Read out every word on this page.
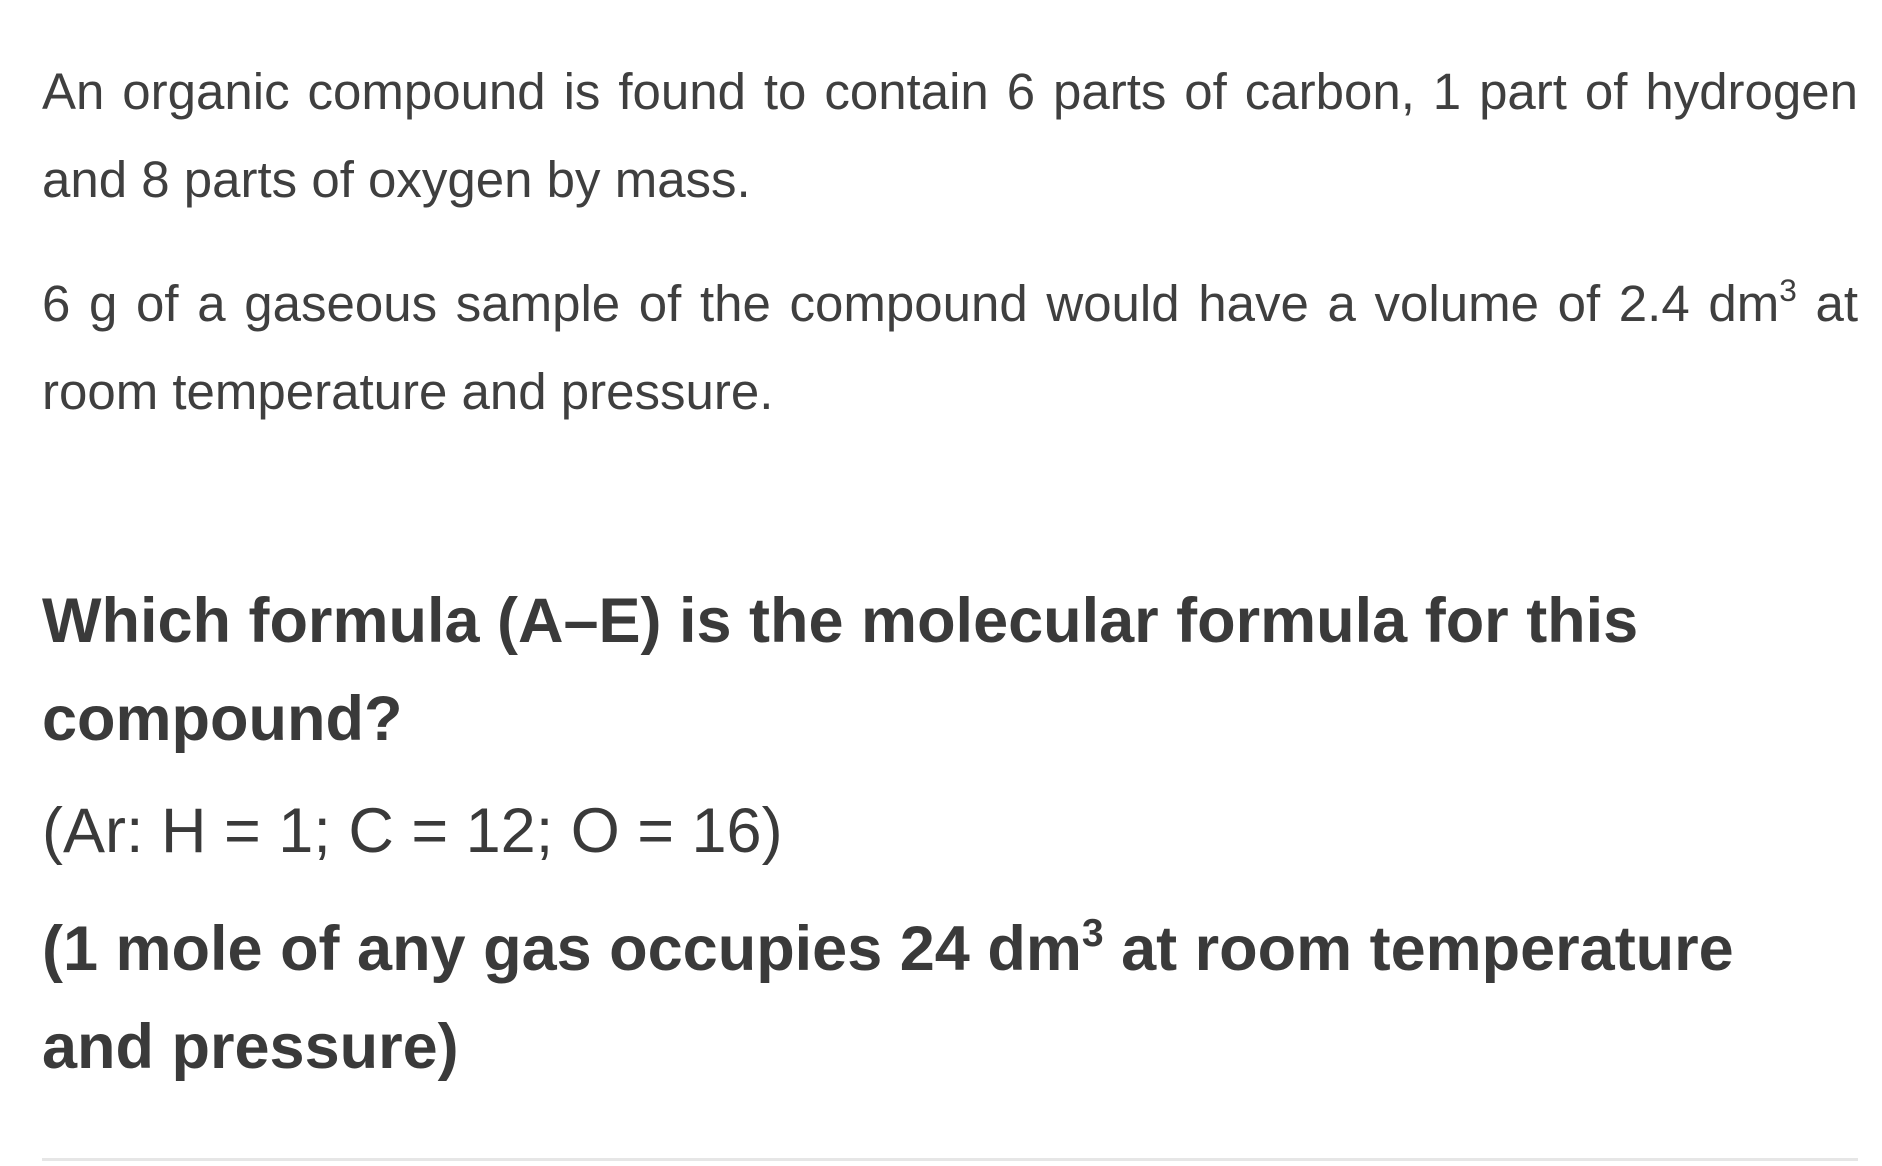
An organic compound is found to contain 6 parts of carbon, 1 part of hydrogen and 8 parts of oxygen by mass.

6 g of a gaseous sample of the compound would have a volume of 2.4 $dm^3$ at room temperature and pressure.

Which formula (A–E) is the molecular formula for this compound?

(Ar: H = 1; C = 12; O = 16)

(1 mole of any gas occupies 24 $dm^3$ at room temperature and pressure)
